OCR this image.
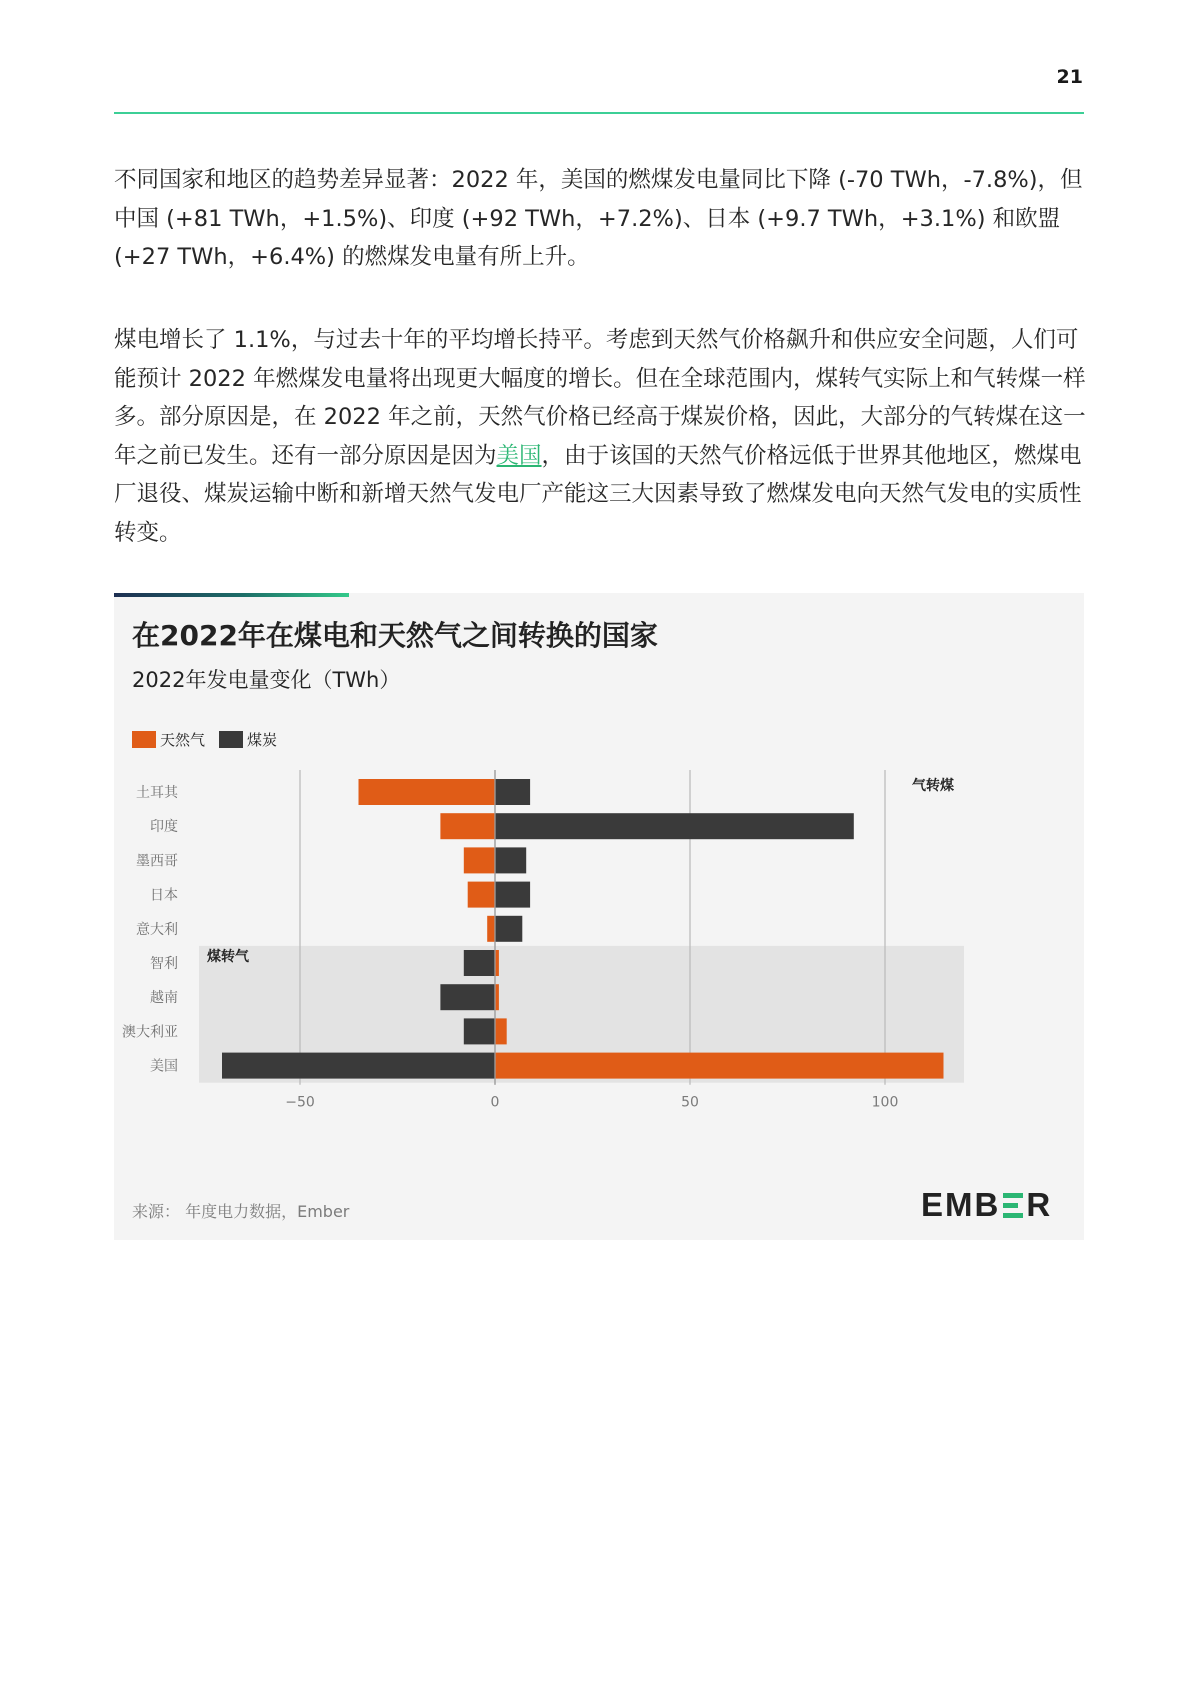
21

不同国家和地区的趋势差异显著：2022 年，美国的燃煤发电量同比下降 (-70 TWh，-7.8%)，但中国 (+81 TWh，+1.5%)、印度 (+92 TWh，+7.2%)、日本 (+9.7 TWh，+3.1%) 和欧盟 (+27 TWh，+6.4%) 的燃煤发电量有所上升。

煤电增长了 1.1%，与过去十年的平均增长持平。考虑到天然气价格飙升和供应安全问题，人们可能预计 2022 年燃煤发电量将出现更大幅度的增长。但在全球范围内，煤转气实际上和气转煤一样多。部分原因是，在 2022 年之前，天然气价格已经高于煤炭价格，因此，大部分的气转煤在这一年之前已发生。还有一部分原因是因为美国，由于该国的天然气价格远低于世界其他地区，燃煤电厂退役、煤炭运输中断和新增天然气发电厂产能这三大因素导致了燃煤发电向天然气发电的实质性转变。

在2022年在煤电和天然气之间转换的国家
2022年发电量变化（TWh）
天然气	煤炭
−50	0	50	100
土耳其
印度
墨西哥
日本
意大利
智利
越南
澳大利亚
美国
气转煤
煤转气
来源： 年度电力数据，Ember	EMB R
